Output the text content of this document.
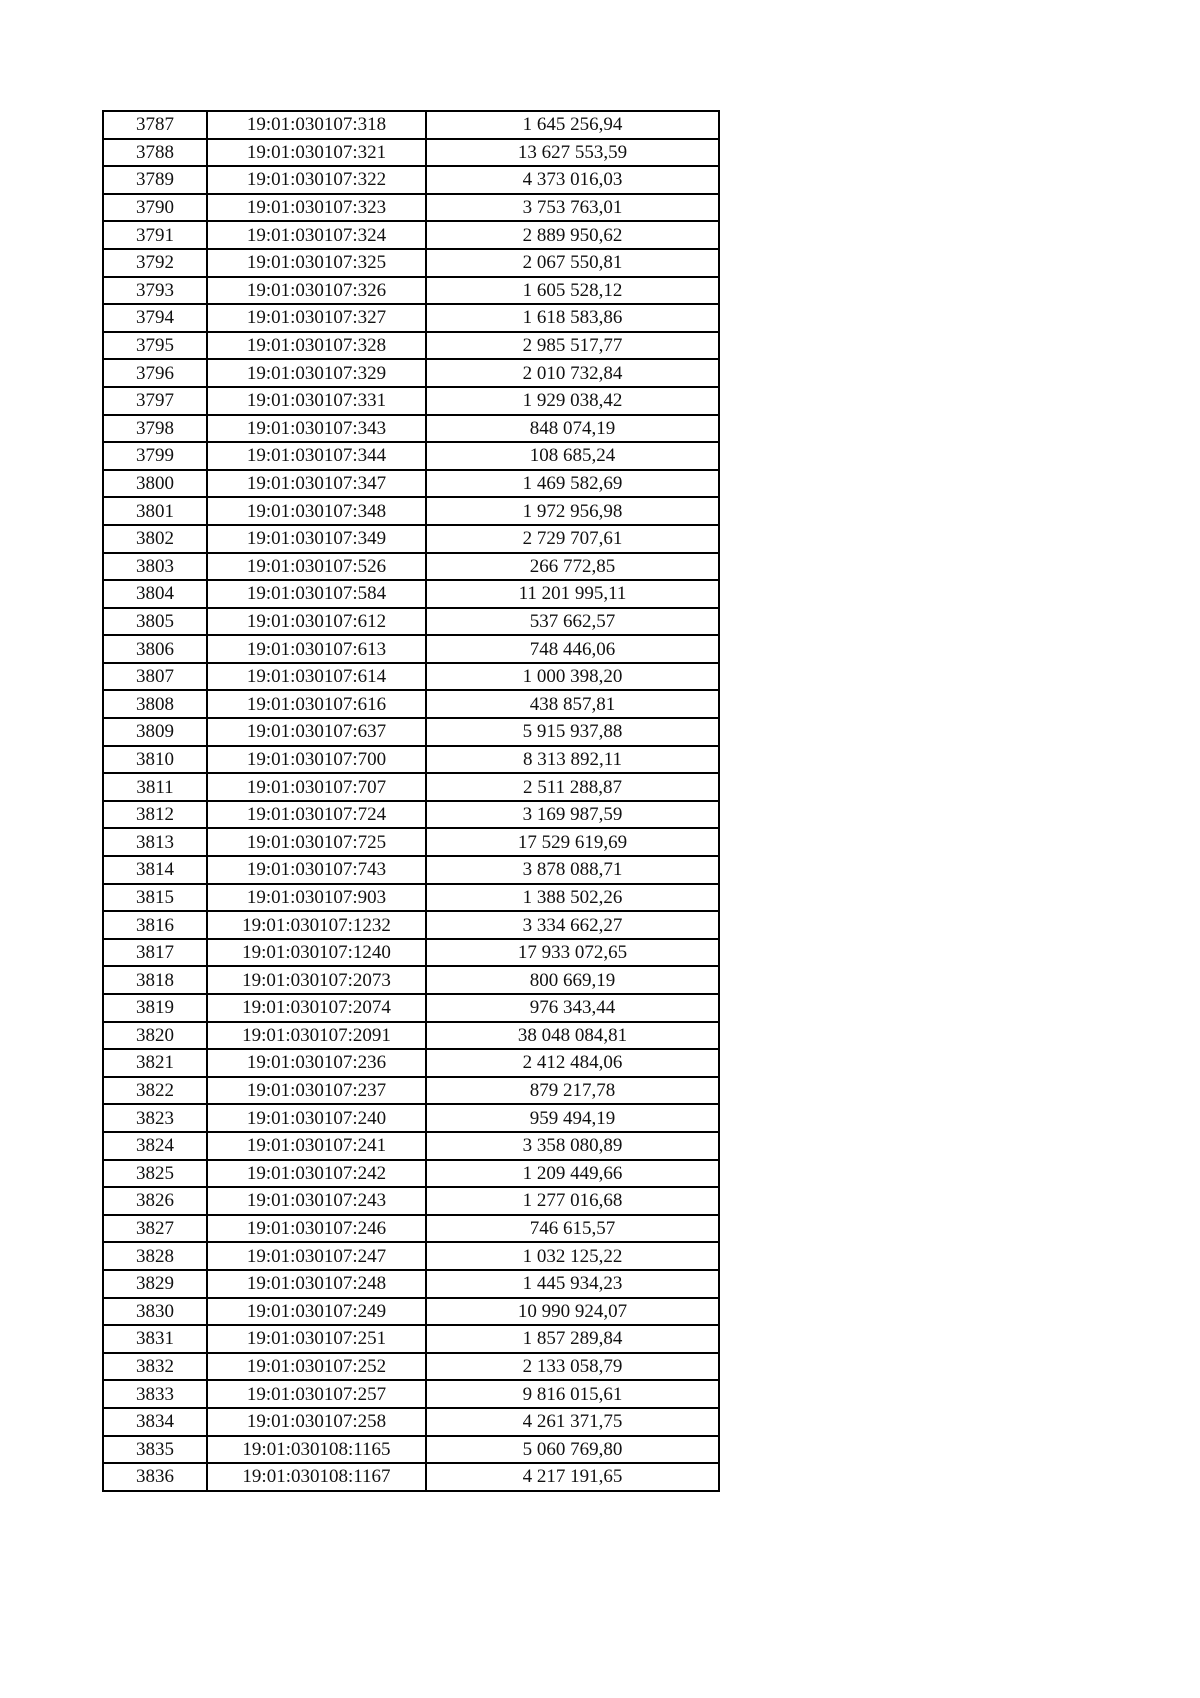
3787	19:01:030107:318	1 645 256,94
3788	19:01:030107:321	13 627 553,59
3789	19:01:030107:322	4 373 016,03
3790	19:01:030107:323	3 753 763,01
3791	19:01:030107:324	2 889 950,62
3792	19:01:030107:325	2 067 550,81
3793	19:01:030107:326	1 605 528,12
3794	19:01:030107:327	1 618 583,86
3795	19:01:030107:328	2 985 517,77
3796	19:01:030107:329	2 010 732,84
3797	19:01:030107:331	1 929 038,42
3798	19:01:030107:343	848 074,19
3799	19:01:030107:344	108 685,24
3800	19:01:030107:347	1 469 582,69
3801	19:01:030107:348	1 972 956,98
3802	19:01:030107:349	2 729 707,61
3803	19:01:030107:526	266 772,85
3804	19:01:030107:584	11 201 995,11
3805	19:01:030107:612	537 662,57
3806	19:01:030107:613	748 446,06
3807	19:01:030107:614	1 000 398,20
3808	19:01:030107:616	438 857,81
3809	19:01:030107:637	5 915 937,88
3810	19:01:030107:700	8 313 892,11
3811	19:01:030107:707	2 511 288,87
3812	19:01:030107:724	3 169 987,59
3813	19:01:030107:725	17 529 619,69
3814	19:01:030107:743	3 878 088,71
3815	19:01:030107:903	1 388 502,26
3816	19:01:030107:1232	3 334 662,27
3817	19:01:030107:1240	17 933 072,65
3818	19:01:030107:2073	800 669,19
3819	19:01:030107:2074	976 343,44
3820	19:01:030107:2091	38 048 084,81
3821	19:01:030107:236	2 412 484,06
3822	19:01:030107:237	879 217,78
3823	19:01:030107:240	959 494,19
3824	19:01:030107:241	3 358 080,89
3825	19:01:030107:242	1 209 449,66
3826	19:01:030107:243	1 277 016,68
3827	19:01:030107:246	746 615,57
3828	19:01:030107:247	1 032 125,22
3829	19:01:030107:248	1 445 934,23
3830	19:01:030107:249	10 990 924,07
3831	19:01:030107:251	1 857 289,84
3832	19:01:030107:252	2 133 058,79
3833	19:01:030107:257	9 816 015,61
3834	19:01:030107:258	4 261 371,75
3835	19:01:030108:1165	5 060 769,80
3836	19:01:030108:1167	4 217 191,65
